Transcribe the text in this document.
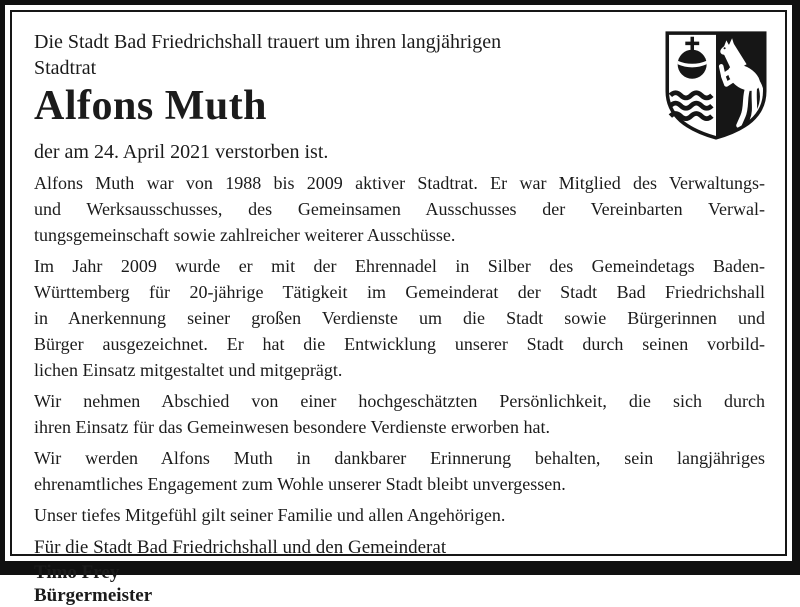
Die Stadt Bad Friedrichshall trauert um ihren langjährigen Stadtrat
Alfons Muth
der am 24. April 2021 verstorben ist.

Alfons Muth war von 1988 bis 2009 aktiver Stadtrat. Er war Mitglied des Verwaltungs-
und Werksausschusses, des Gemeinsamen Ausschusses der Vereinbarten Verwal-
tungsgemeinschaft sowie zahlreicher weiterer Ausschüsse.

Im Jahr 2009 wurde er mit der Ehrennadel in Silber des Gemeindetags Baden-
Württemberg für 20-jährige Tätigkeit im Gemeinderat der Stadt Bad Friedrichshall
in Anerkennung seiner großen Verdienste um die Stadt sowie Bürgerinnen und
Bürger ausgezeichnet. Er hat die Entwicklung unserer Stadt durch seinen vorbild-
lichen Einsatz mitgestaltet und mitgeprägt.

Wir nehmen Abschied von einer hochgeschätzten Persönlichkeit, die sich durch
ihren Einsatz für das Gemeinwesen besondere Verdienste erworben hat.

Wir werden Alfons Muth in dankbarer Erinnerung behalten, sein langjähriges
ehrenamtliches Engagement zum Wohle unserer Stadt bleibt unvergessen.

Unser tiefes Mitgefühl gilt seiner Familie und allen Angehörigen.

Für die Stadt Bad Friedrichshall und den Gemeinderat
Timo Frey
Bürgermeister
